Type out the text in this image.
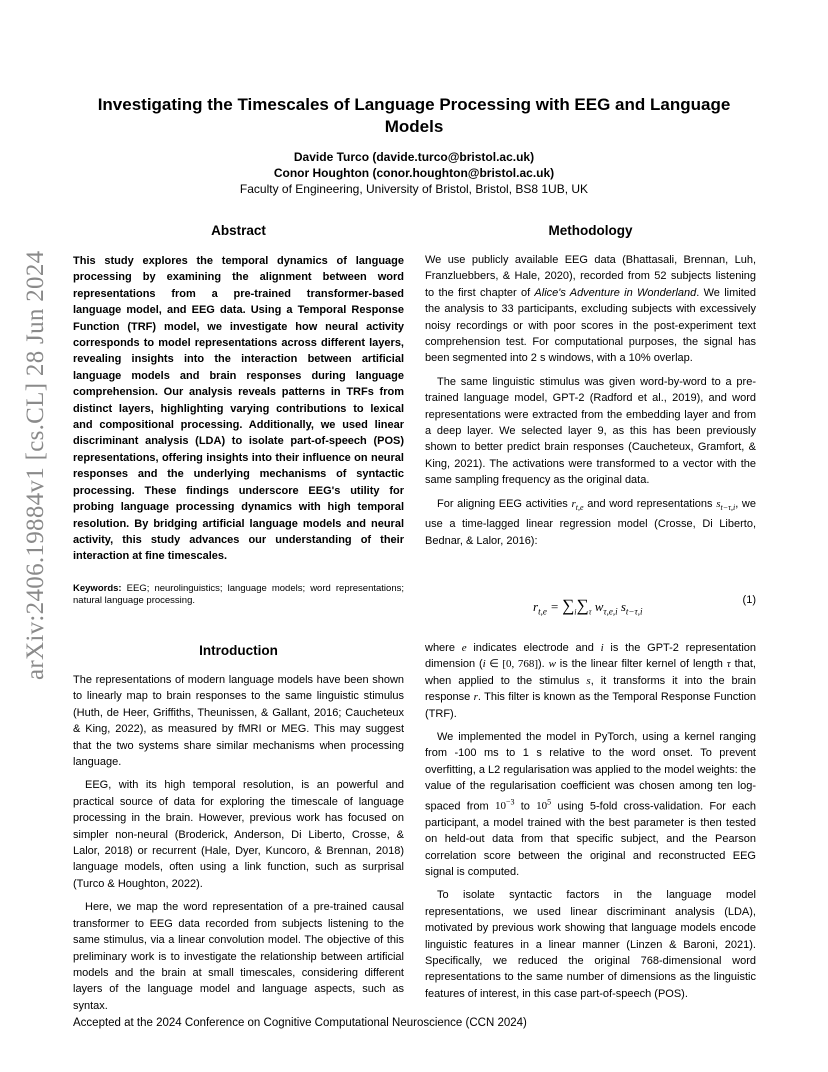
arXiv:2406.19884v1 [cs.CL] 28 Jun 2024
Investigating the Timescales of Language Processing with EEG and Language Models
Davide Turco (davide.turco@bristol.ac.uk)
Conor Houghton (conor.houghton@bristol.ac.uk)
Faculty of Engineering, University of Bristol, Bristol, BS8 1UB, UK
Abstract

This study explores the temporal dynamics of language processing by examining the alignment between word representations from a pre-trained transformer-based language model, and EEG data. Using a Temporal Response Function (TRF) model, we investigate how neural activity corresponds to model representations across different layers, revealing insights into the interaction between artificial language models and brain responses during language comprehension. Our analysis reveals patterns in TRFs from distinct layers, highlighting varying contributions to lexical and compositional processing. Additionally, we used linear discriminant analysis (LDA) to isolate part-of-speech (POS) representations, offering insights into their influence on neural responses and the underlying mechanisms of syntactic processing. These findings underscore EEG's utility for probing language processing dynamics with high temporal resolution. By bridging artificial language models and neural activity, this study advances our understanding of their interaction at fine timescales.

Keywords: EEG; neurolinguistics; language models; word representations; natural language processing.

Introduction

The representations of modern language models have been shown to linearly map to brain responses to the same linguistic stimulus (Huth, de Heer, Griffiths, Theunissen, & Gallant, 2016; Caucheteux & King, 2022), as measured by fMRI or MEG. This may suggest that the two systems share similar mechanisms when processing language.

EEG, with its high temporal resolution, is an powerful and practical source of data for exploring the timescale of language processing in the brain. However, previous work has focused on simpler non-neural (Broderick, Anderson, Di Liberto, Crosse, & Lalor, 2018) or recurrent (Hale, Dyer, Kuncoro, & Brennan, 2018) language models, often using a link function, such as surprisal (Turco & Houghton, 2022).

Here, we map the word representation of a pre-trained causal transformer to EEG data recorded from subjects listening to the same stimulus, via a linear convolution model. The objective of this preliminary work is to investigate the relationship between artificial models and the brain at small timescales, considering different layers of the language model and language aspects, such as syntax.

Methodology

We use publicly available EEG data (Bhattasali, Brennan, Luh, Franzluebbers, & Hale, 2020), recorded from 52 subjects listening to the first chapter of Alice's Adventure in Wonderland. We limited the analysis to 33 participants, excluding subjects with excessively noisy recordings or with poor scores in the post-experiment text comprehension test. For computational purposes, the signal has been segmented into 2 s windows, with a 10% overlap.

The same linguistic stimulus was given word-by-word to a pre-trained language model, GPT-2 (Radford et al., 2019), and word representations were extracted from the embedding layer and from a deep layer. We selected layer 9, as this has been previously shown to better predict brain responses (Caucheteux, Gramfort, & King, 2021). The activations were transformed to a vector with the same sampling frequency as the original data.

For aligning EEG activities $r_{t,e}$ and word representations $s_{t-\tau,i}$, we use a time-lagged linear regression model (Crosse, Di Liberto, Bednar, & Lalor, 2016):

$r_{t,e} = \sum_i\sum_\tau$ $w_{\tau,e,i}$ $s_{t-\tau,i}$
(1)

where e indicates electrode and i is the GPT-2 representation dimension (i ∈ [0, 768]). w is the linear filter kernel of length τ that, when applied to the stimulus s, it transforms it into the brain response r. This filter is known as the Temporal Response Function (TRF).

We implemented the model in PyTorch, using a kernel ranging from -100 ms to 1 s relative to the word onset. To prevent overfitting, a L2 regularisation was applied to the model weights: the value of the regularisation coefficient was chosen among ten log-spaced from $10^{-3}$ to $10^5$ using 5-fold cross-validation. For each participant, a model trained with the best parameter is then tested on held-out data from that specific subject, and the Pearson correlation score between the original and reconstructed EEG signal is computed.

To isolate syntactic factors in the language model representations, we used linear discriminant analysis (LDA), motivated by previous work showing that language models encode linguistic features in a linear manner (Linzen & Baroni, 2021). Specifically, we reduced the original 768-dimensional word representations to the same number of dimensions as the linguistic features of interest, in this case part-of-speech (POS).

Accepted at the 2024 Conference on Cognitive Computational Neuroscience (CCN 2024)
